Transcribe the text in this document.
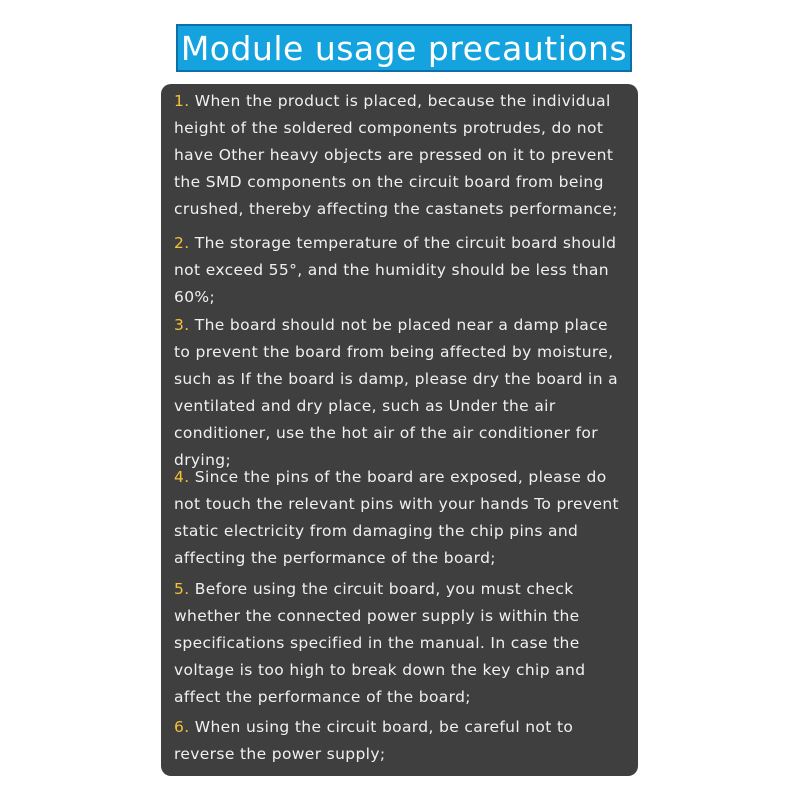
Module usage precautions
1. When the product is placed, because the individual
height of the soldered components protrudes, do not
have Other heavy objects are pressed on it to prevent
the SMD components on the circuit board from being
crushed, thereby affecting the castanets performance;
2. The storage temperature of the circuit board should
not exceed 55°, and the humidity should be less than
60%;
3. The board should not be placed near a damp place
to prevent the board from being affected by moisture,
such as If the board is damp, please dry the board in a
ventilated and dry place, such as Under the air
conditioner, use the hot air of the air conditioner for
drying;
4. Since the pins of the board are exposed, please do
not touch the relevant pins with your hands To prevent
static electricity from damaging the chip pins and
affecting the performance of the board;
5. Before using the circuit board, you must check
whether the connected power supply is within the
specifications specified in the manual. In case the
voltage is too high to break down the key chip and
affect the performance of the board;
6. When using the circuit board, be careful not to
reverse the power supply;
